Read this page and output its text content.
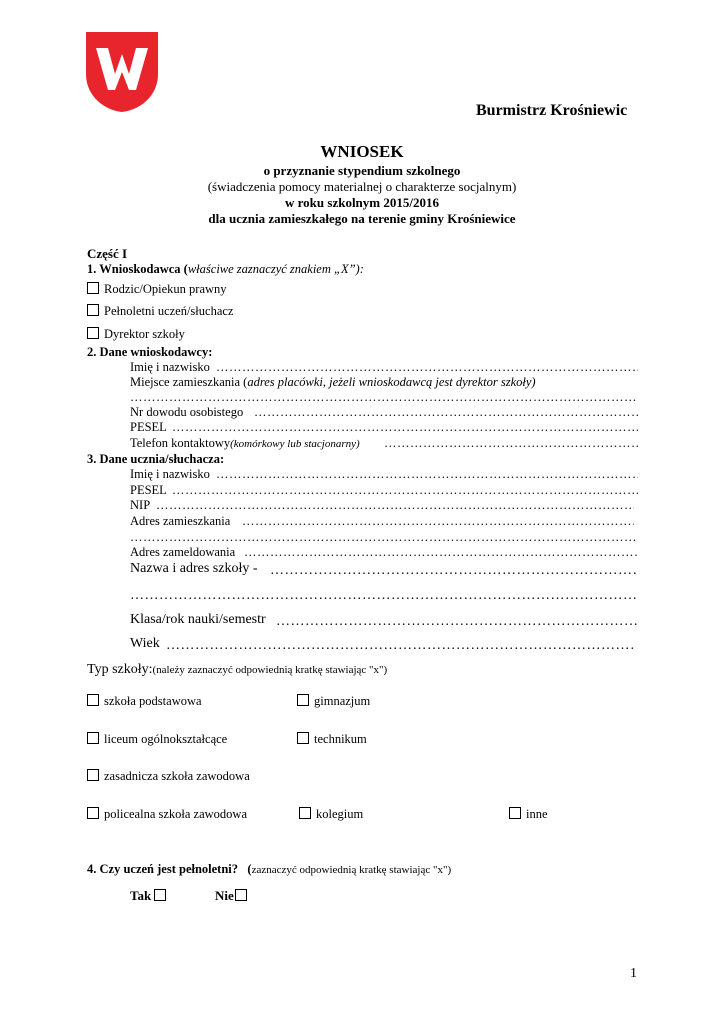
Burmistrz Krośniewic
WNIOSEK
o przyznanie stypendium szkolnego
(świadczenia pomocy materialnej o charakterze socjalnym)
w roku szkolnym 2015/2016
dla ucznia zamieszkałego na terenie gminy Krośniewice
Część I
1. Wnioskodawca (właściwe zaznaczyć znakiem „X”):
Rodzic/Opiekun prawny
Pełnoletni uczeń/słuchacz
Dyrektor szkoły
2. Dane wnioskodawcy:
Imię i nazwisko
………………………………………………………………………………………………………………………………………………………………
Miejsce zamieszkania (adres placówki, jeżeli wnioskodawcą jest dyrektor szkoły)
………………………………………………………………………………………………………………………………………………………………
Nr dowodu osobistego
………………………………………………………………………………………………………………………………………………………………
PESEL
………………………………………………………………………………………………………………………………………………………………
Telefon kontaktowy(komórkowy lub stacjonarny)
………………………………………………………………………………………………………………………………………………………………
3. Dane ucznia/słuchacza:
Imię i nazwisko
………………………………………………………………………………………………………………………………………………………………
PESEL
………………………………………………………………………………………………………………………………………………………………
NIP
………………………………………………………………………………………………………………………………………………………………
Adres zamieszkania
………………………………………………………………………………………………………………………………………………………………
………………………………………………………………………………………………………………………………………………………………
Adres zameldowania
………………………………………………………………………………………………………………………………………………………………
Nazwa i adres szkoły -
………………………………………………………………………………………………………………………………………………………………
………………………………………………………………………………………………………………………………………………………………
Klasa/rok nauki/semestr
………………………………………………………………………………………………………………………………………………………………
Wiek
………………………………………………………………………………………………………………………………………………………………
Typ szkoły:(należy zaznaczyć odpowiednią kratkę stawiając "x")
szkoła podstawowa	gimnazjum
liceum ogólnokształcące	technikum
zasadnicza szkoła zawodowa
policealna szkoła zawodowa	kolegium	inne
4. Czy uczeń jest pełnoletni? (zaznaczyć odpowiednią kratkę stawiając "x")
Tak	Nie
1
